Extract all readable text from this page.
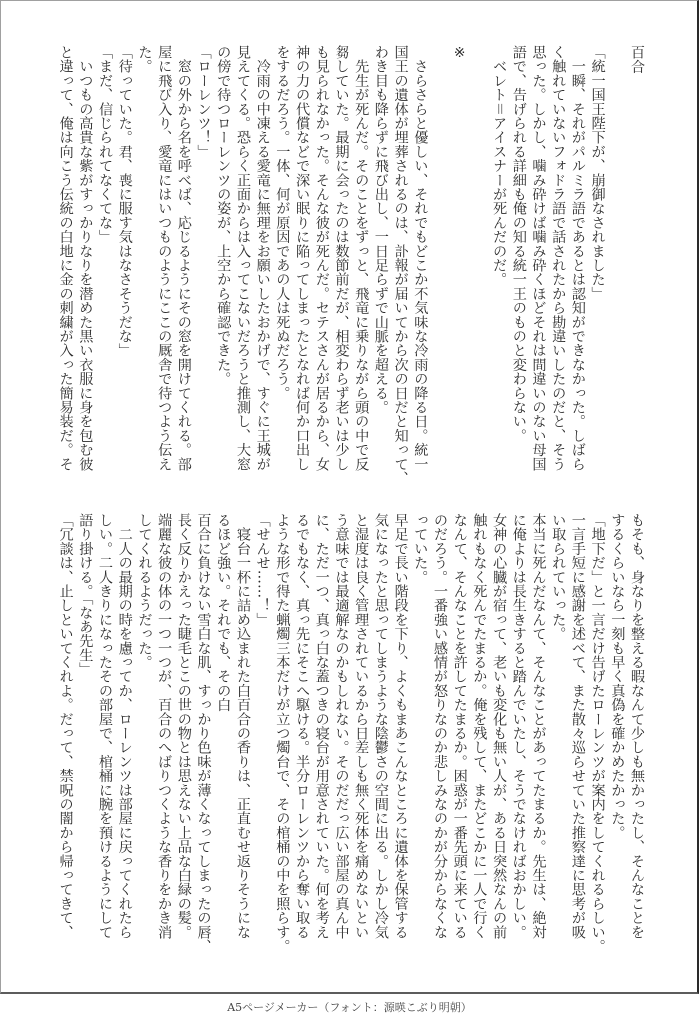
百合
「統一国王陛下が、崩御なされました」
　一瞬、それがパルミラ語であるとは認知ができなかった。しばら
く触れていないフォドラ語で話されたから勘違いしたのだと、そう
思った。しかし、噛み砕けば噛み砕くほどそれは間違いのない母国
語で、告げられる詳細も俺の知る統一王のものと変わらない。
　ベレト＝アイスナーが死んだのだ。
※
　さらさらと優しい、それでもどこか不気味な冷雨の降る日。統一
国王の遺体が埋葬されるのは、訃報が届いてから次の日だと知って、
わき目も降らずに飛び出し、一日足らずで山脈を超える。
　先生が死んだ。そのことをずっと、飛竜に乗りながら頭の中で反
芻していた。最期に会ったのは数節前だが、相変わらず老いは少し
も見られなかった。そんな彼が死んだ。セテスさんが居るから、女
神の力の代償などで深い眠りに陥ってしまったとなれば何か口出し
をするだろう。一体、何が原因であの人は死ぬだろう。
　冷雨の中凍える愛竜に無理をお願いしたおかげで、すぐに王城が
見えてくる。恐らく正面からは入ってこないだろうと推測し、大窓
の傍で待つローレンツの姿が、上空から確認できた。
「ローレンツ！」
　窓の外から名を呼べば、応じるようにその窓を開けてくれる。部
屋に飛び入り、愛竜にはいつものようにここの厩舎で待つよう伝え
た。
「待っていた。君、喪に服す気はなさそうだな」
「まだ、信じられてなくてな」
　いつもの高貴な紫がすっかりなりを潜めた黒い衣服に身を包む彼
と違って、俺は向こう伝統の白地に金の刺繍が入った簡易装だ。そ
もそも、身なりを整える暇なんて少しも無かったし、そんなことを
するくらいなら一刻も早く真偽を確かめたかった。
「地下だ」と一言だけ告げたローレンツが案内をしてくれるらしい。
一言手短に感謝を述べて、また散々巡らせていた推察達に思考が吸
い取られていった。
本当に死んだなんて、そんなことがあってたまるか。先生は、絶対
に俺よりは長生きすると踏んでいたし、そうでなければおかしい。
女神の心臓が宿って、老いも変化も無い人が、ある日突然なんの前
触れもなく死んでたまるか。俺を残して、またどこかに一人で行く
なんて、そんなことを許してたまるか。困惑が一番先頭に来ている
のだろう。一番強い感情が怒りなのか悲しみなのかが分からなくな
っていた。
早足で長い階段を下り、よくもまあこんなところに遺体を保管する
気になったと思ってしまうような陰鬱さの空間に出る。しかし冷気
と湿度は良く管理されているから日差しも無く死体を痛めないとい
う意味では最適解なのかもしれない。そのだだっ広い部屋の真ん中
に、ただ一つ、真っ白な蓋つきの寝台が用意されていた。何を考え
るでもなく、真っ先にそこへ駆ける。半分ローレンツから奪い取る
ような形で得た蝋燭三本だけが立つ燭台で、その棺桶の中を照らす。
「せんせ……！」
　寝台一杯に詰め込まれた白百合の香りは、正直むせ返りそうにな
るほど強い。それでも、その白
百合に負けない雪白な肌、すっかり色味が薄くなってしまったの唇、
長く反りかえった睫毛とこの世の物とは思えない上品な白緑の髪。
端麗な彼の体の一つ一つが、百合のへばりつくような香りをかき消
してくれるようだった。
　二人の最期の時を慮ってか、ローレンツは部屋に戻ってくれたら
しい。二人きりになったその部屋で、棺桶に腕を預けるようにして
語り掛ける。「なあ先生」
「冗談は、止しといてくれよ。だって、禁呪の闇から帰ってきて、
A5ページメーカー（フォント：源暎こぶり明朝）
